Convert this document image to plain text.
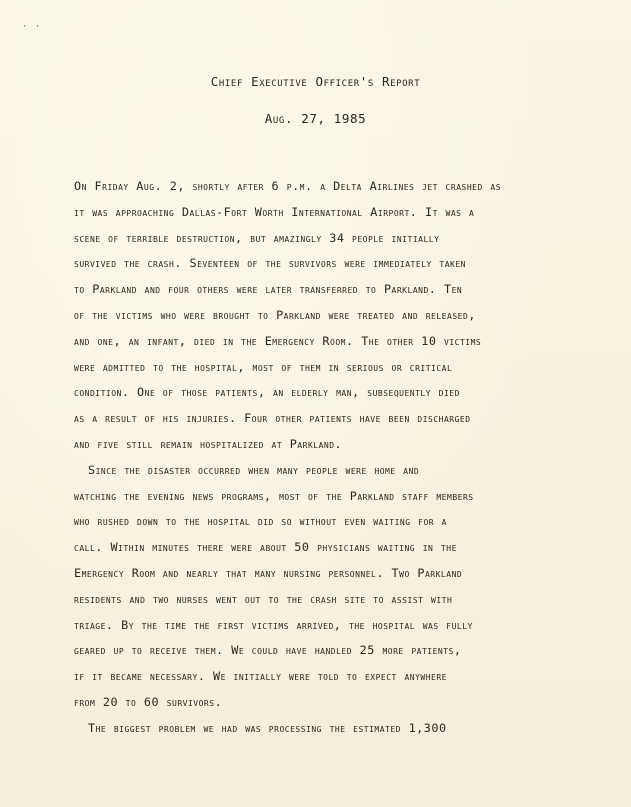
· ·
Chief Executive Officer's Report
Aug. 27, 1985
On Friday Aug. 2, shortly after 6 p.m. a Delta Airlines jet crashed as
it was approaching Dallas-Fort Worth International Airport. It was a
scene of terrible destruction, but amazingly 34 people initially
survived the crash. Seventeen of the survivors were immediately taken
to Parkland and four others were later transferred to Parkland. Ten
of the victims who were brought to Parkland were treated and released,
and one, an infant, died in the Emergency Room. The other 10 victims
were admitted to the hospital, most of them in serious or critical
condition. One of those patients, an elderly man, subsequently died
as a result of his injuries. Four other patients have been discharged
and five still remain hospitalized at Parkland.
Since the disaster occurred when many people were home and
watching the evening news programs, most of the Parkland staff members
who rushed down to the hospital did so without even waiting for a
call. Within minutes there were about 50 physicians waiting in the
Emergency Room and nearly that many nursing personnel. Two Parkland
residents and two nurses went out to the crash site to assist with
triage. By the time the first victims arrived, the hospital was fully
geared up to receive them. We could have handled 25 more patients,
if it became necessary. We initially were told to expect anywhere
from 20 to 60 survivors.
The biggest problem we had was processing the estimated 1,300
